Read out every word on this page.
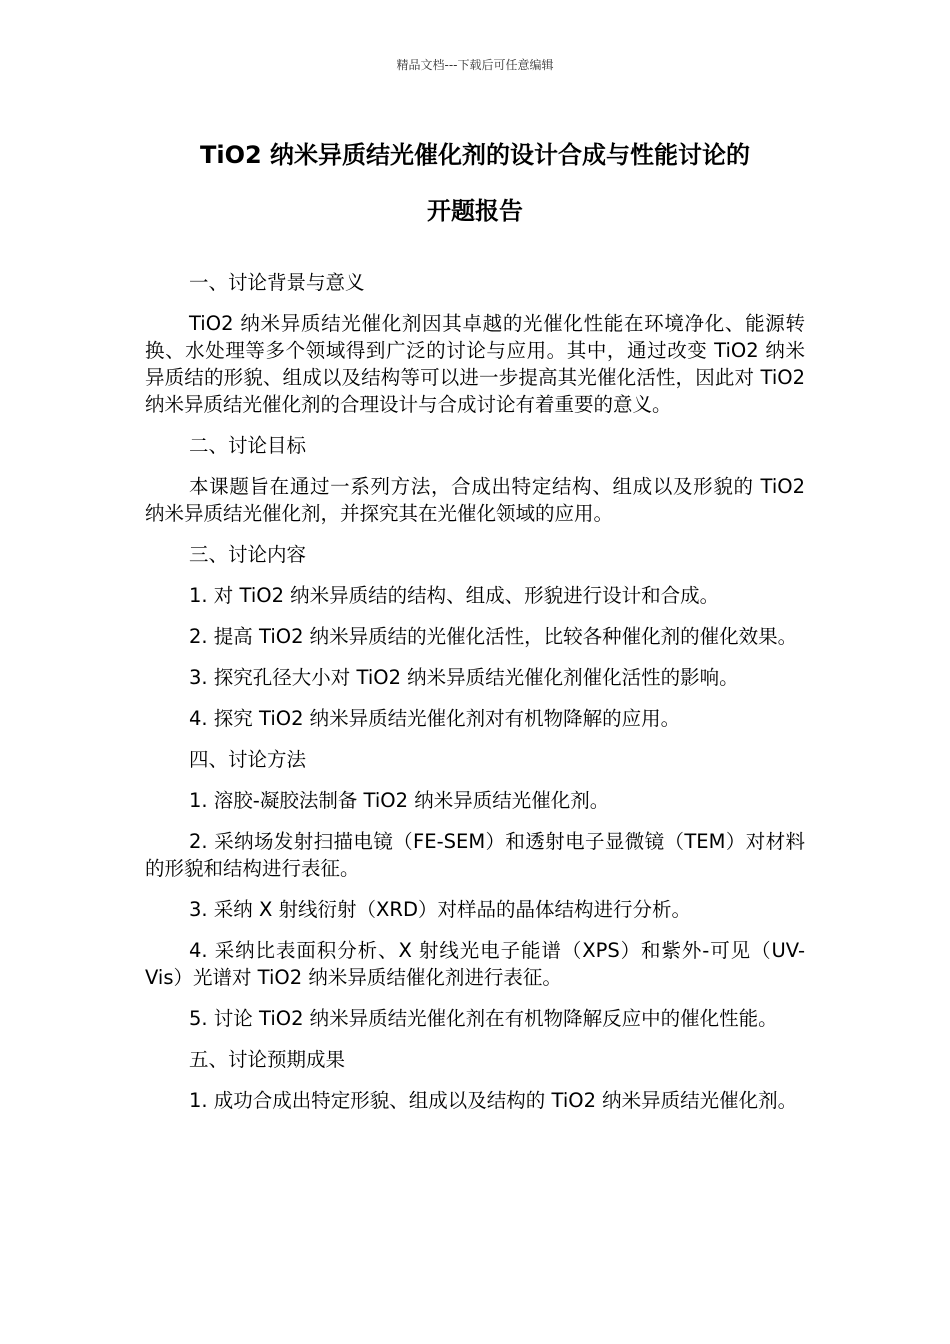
精品文档---下载后可任意编辑
TiO2 纳米异质结光催化剂的设计合成与性能讨论的
开题报告

一、讨论背景与意义

TiO2 纳米异质结光催化剂因其卓越的光催化性能在环境净化、能源转换、水处理等多个领域得到广泛的讨论与应用。其中，通过改变 TiO2 纳米异质结的形貌、组成以及结构等可以进一步提高其光催化活性，因此对 TiO2 纳米异质结光催化剂的合理设计与合成讨论有着重要的意义。

二、讨论目标

本课题旨在通过一系列方法，合成出特定结构、组成以及形貌的 TiO2 纳米异质结光催化剂，并探究其在光催化领域的应用。

三、讨论内容

1. 对 TiO2 纳米异质结的结构、组成、形貌进行设计和合成。

2. 提高 TiO2 纳米异质结的光催化活性，比较各种催化剂的催化效果。

3. 探究孔径大小对 TiO2 纳米异质结光催化剂催化活性的影响。

4. 探究 TiO2 纳米异质结光催化剂对有机物降解的应用。

四、讨论方法

1. 溶胶-凝胶法制备 TiO2 纳米异质结光催化剂。

2. 采纳场发射扫描电镜（FE-SEM）和透射电子显微镜（TEM）对材料的形貌和结构进行表征。

3. 采纳 X 射线衍射（XRD）对样品的晶体结构进行分析。

4. 采纳比表面积分析、X 射线光电子能谱（XPS）和紫外-可见（UV-Vis）光谱对 TiO2 纳米异质结催化剂进行表征。

5. 讨论 TiO2 纳米异质结光催化剂在有机物降解反应中的催化性能。

五、讨论预期成果

1. 成功合成出特定形貌、组成以及结构的 TiO2 纳米异质结光催化剂。
